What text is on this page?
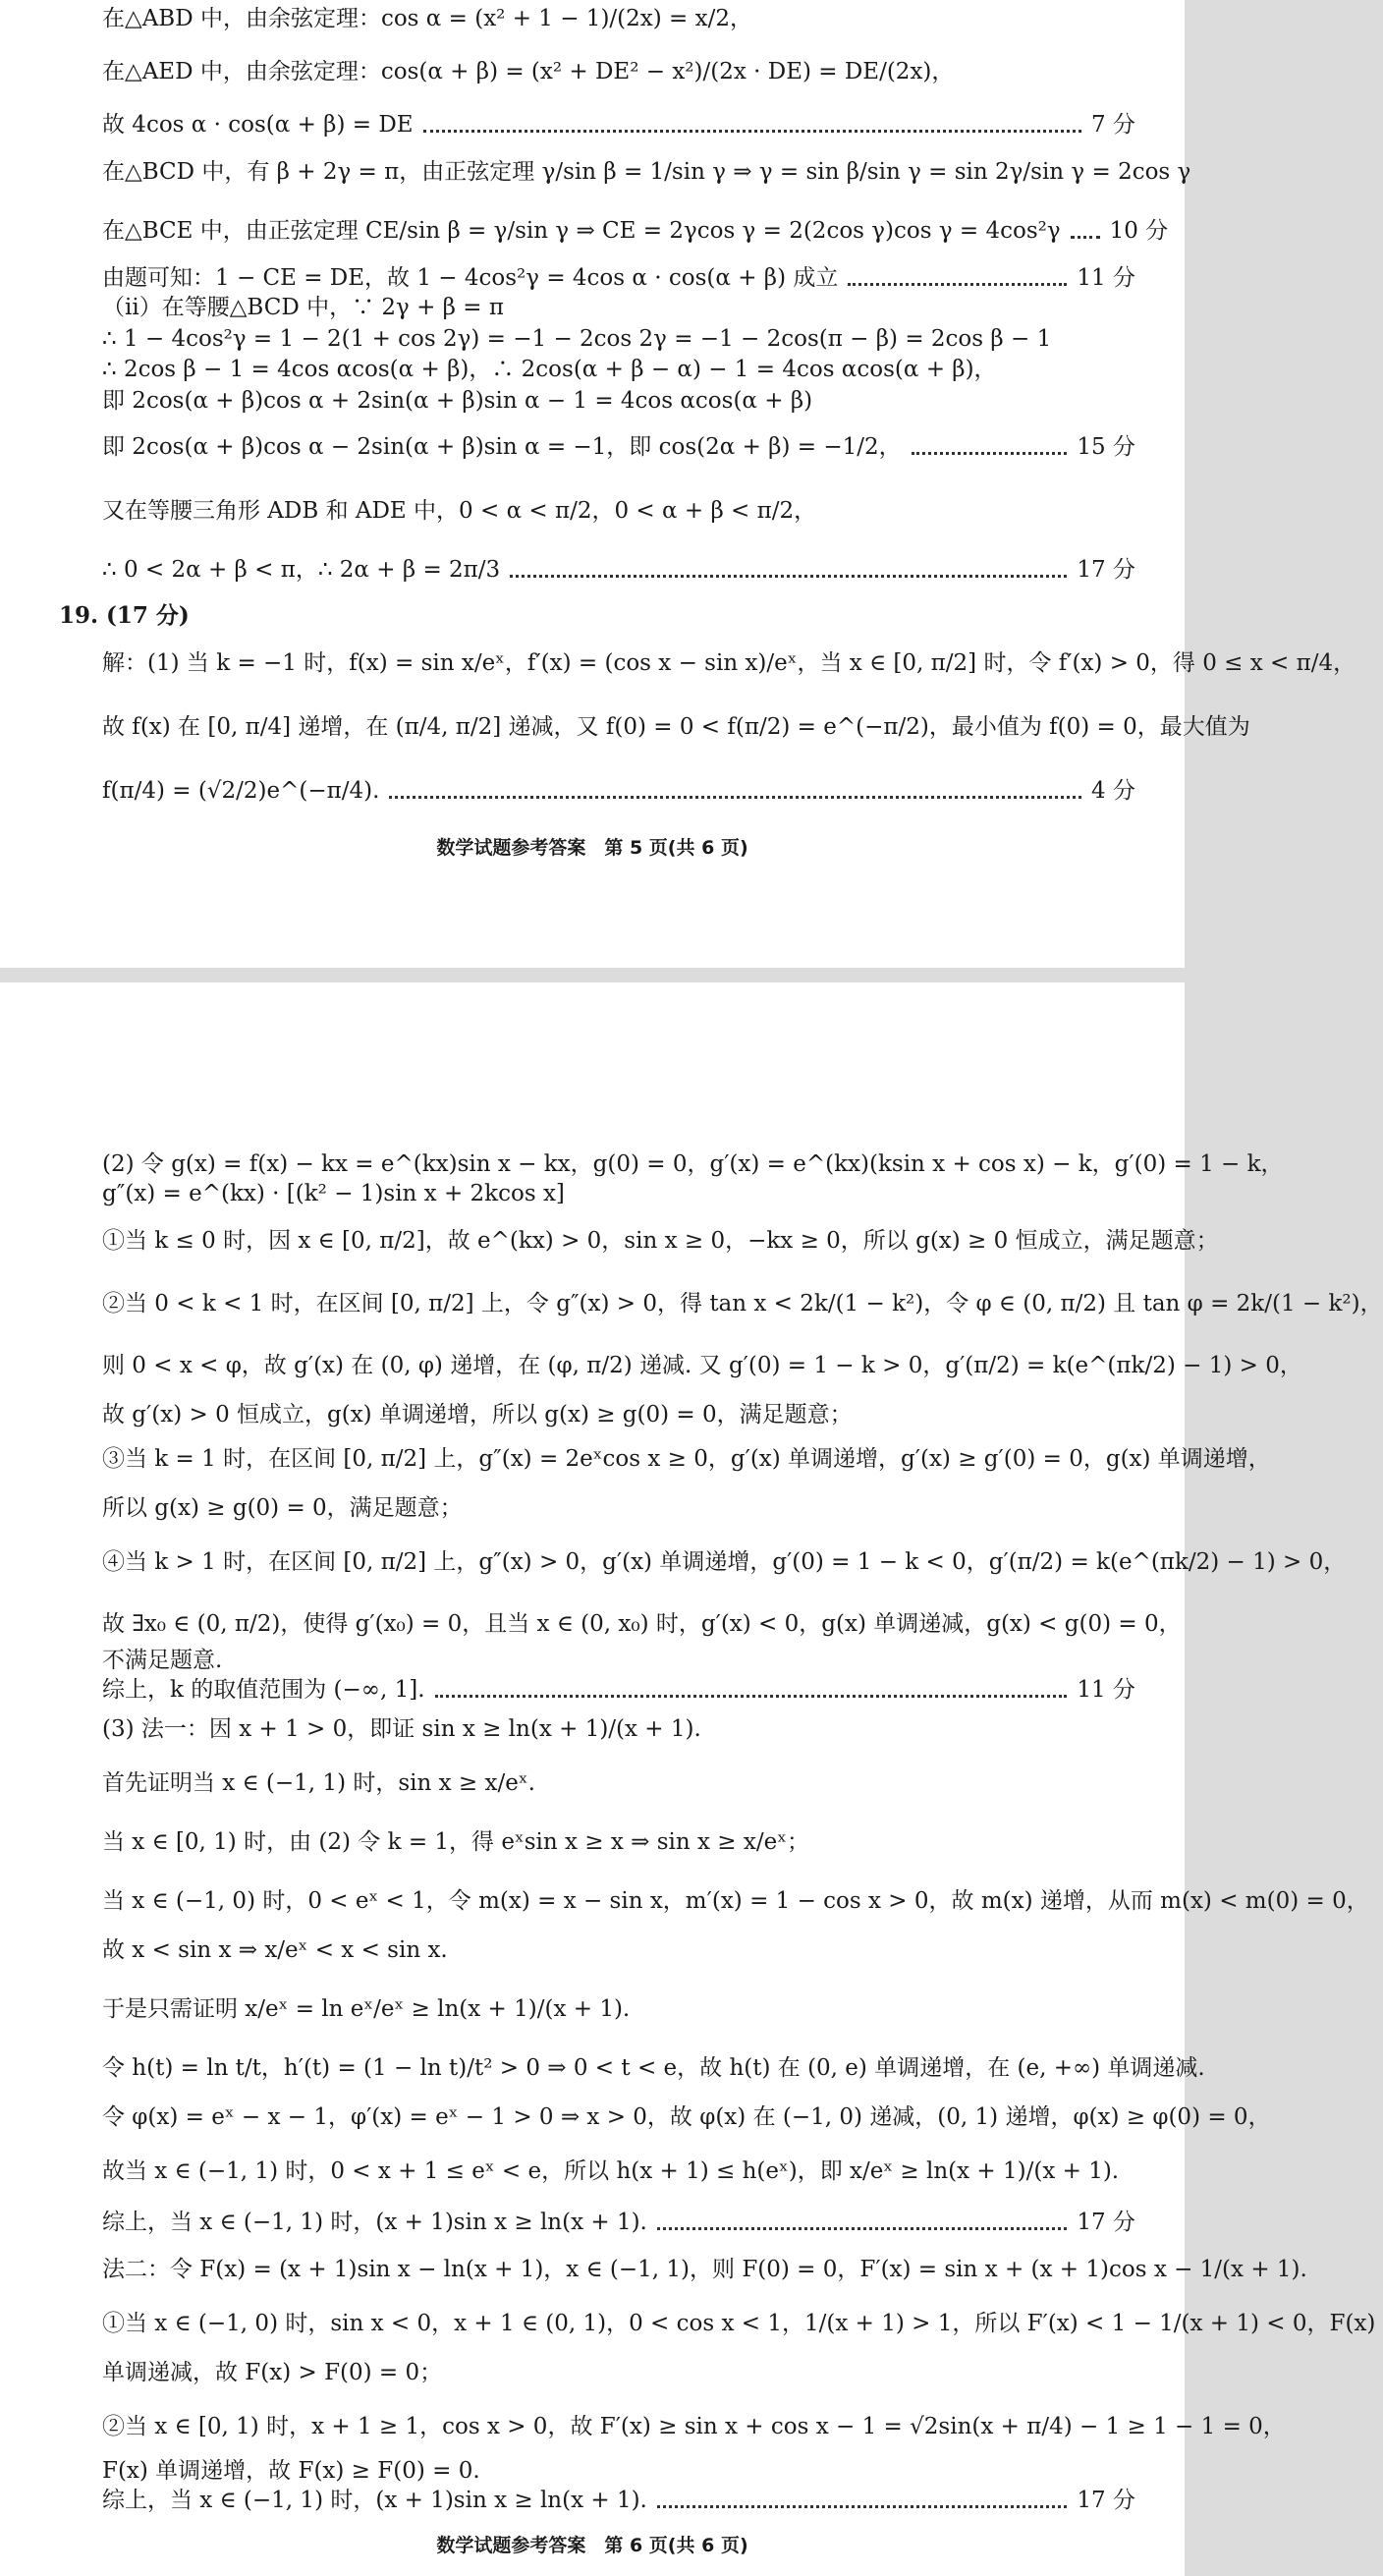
在△ABD 中，由余弦定理：cos α = (x² + 1 − 1)/(2x) = x/2，
在△AED 中，由余弦定理：cos(α + β) = (x² + DE² − x²)/(2x · DE) = DE/(2x)，
故 4cos α · cos(α + β) = DE	7 分
在△BCD 中，有 β + 2γ = π，由正弦定理 γ/sin β = 1/sin γ ⇒ γ = sin β/sin γ = sin 2γ/sin γ = 2cos γ
在△BCE 中，由正弦定理 CE/sin β = γ/sin γ ⇒ CE = 2γcos γ = 2(2cos γ)cos γ = 4cos²γ 10 分
由题可知：1 − CE = DE，故 1 − 4cos²γ = 4cos α · cos(α + β) 成立	11 分
（ⅱ）在等腰△BCD 中，∵ 2γ + β = π
∴ 1 − 4cos²γ = 1 − 2(1 + cos 2γ) = −1 − 2cos 2γ = −1 − 2cos(π − β) = 2cos β − 1
∴ 2cos β − 1 = 4cos αcos(α + β)，∴ 2cos(α + β − α) − 1 = 4cos αcos(α + β)，
即 2cos(α + β)cos α + 2sin(α + β)sin α − 1 = 4cos αcos(α + β)
即 2cos(α + β)cos α − 2sin(α + β)sin α = −1，即 cos(2α + β) = −1/2，	15 分
又在等腰三角形 ADB 和 ADE 中，0 < α < π/2，0 < α + β < π/2，
∴ 0 < 2α + β < π，∴ 2α + β = 2π/3	17 分
19. (17 分)
解：(1) 当 k = −1 时，f(x) = sin x/eˣ，f′(x) = (cos x − sin x)/eˣ，当 x ∈ [0, π/2] 时，令 f′(x) > 0，得 0 ≤ x < π/4，
故 f(x) 在 [0, π/4] 递增，在 (π/4, π/2] 递减，又 f(0) = 0 < f(π/2) = e^(−π/2)，最小值为 f(0) = 0，最大值为
f(π/4) = (√2/2)e^(−π/4).	4 分
数学试题参考答案　第 5 页(共 6 页)
(2) 令 g(x) = f(x) − kx = e^(kx)sin x − kx，g(0) = 0，g′(x) = e^(kx)(ksin x + cos x) − k，g′(0) = 1 − k，
g″(x) = e^(kx) · [(k² − 1)sin x + 2kcos x]
①当 k ≤ 0 时，因 x ∈ [0, π/2]，故 e^(kx) > 0，sin x ≥ 0，−kx ≥ 0，所以 g(x) ≥ 0 恒成立，满足题意；
②当 0 < k < 1 时，在区间 [0, π/2] 上，令 g″(x) > 0，得 tan x < 2k/(1 − k²)，令 φ ∈ (0, π/2) 且 tan φ = 2k/(1 − k²)，
则 0 < x < φ，故 g′(x) 在 (0, φ) 递增，在 (φ, π/2) 递减. 又 g′(0) = 1 − k > 0，g′(π/2) = k(e^(πk/2) − 1) > 0，
故 g′(x) > 0 恒成立，g(x) 单调递增，所以 g(x) ≥ g(0) = 0，满足题意；
③当 k = 1 时，在区间 [0, π/2] 上，g″(x) = 2eˣcos x ≥ 0，g′(x) 单调递增，g′(x) ≥ g′(0) = 0，g(x) 单调递增，
所以 g(x) ≥ g(0) = 0，满足题意；
④当 k > 1 时，在区间 [0, π/2] 上，g″(x) > 0，g′(x) 单调递增，g′(0) = 1 − k < 0，g′(π/2) = k(e^(πk/2) − 1) > 0，
故 ∃x₀ ∈ (0, π/2)，使得 g′(x₀) = 0，且当 x ∈ (0, x₀) 时，g′(x) < 0，g(x) 单调递减，g(x) < g(0) = 0，
不满足题意.
综上，k 的取值范围为 (−∞, 1].	11 分
(3) 法一：因 x + 1 > 0，即证 sin x ≥ ln(x + 1)/(x + 1).
首先证明当 x ∈ (−1, 1) 时，sin x ≥ x/eˣ.
当 x ∈ [0, 1) 时，由 (2) 令 k = 1，得 eˣsin x ≥ x ⇒ sin x ≥ x/eˣ；
当 x ∈ (−1, 0) 时，0 < eˣ < 1，令 m(x) = x − sin x，m′(x) = 1 − cos x > 0，故 m(x) 递增，从而 m(x) < m(0) = 0，
故 x < sin x ⇒ x/eˣ < x < sin x.
于是只需证明 x/eˣ = ln eˣ/eˣ ≥ ln(x + 1)/(x + 1).
令 h(t) = ln t/t，h′(t) = (1 − ln t)/t² > 0 ⇒ 0 < t < e，故 h(t) 在 (0, e) 单调递增，在 (e, +∞) 单调递减.
令 φ(x) = eˣ − x − 1，φ′(x) = eˣ − 1 > 0 ⇒ x > 0，故 φ(x) 在 (−1, 0) 递减，(0, 1) 递增，φ(x) ≥ φ(0) = 0，
故当 x ∈ (−1, 1) 时，0 < x + 1 ≤ eˣ < e，所以 h(x + 1) ≤ h(eˣ)，即 x/eˣ ≥ ln(x + 1)/(x + 1).
综上，当 x ∈ (−1, 1) 时，(x + 1)sin x ≥ ln(x + 1).	17 分
法二：令 F(x) = (x + 1)sin x − ln(x + 1)，x ∈ (−1, 1)，则 F(0) = 0，F′(x) = sin x + (x + 1)cos x − 1/(x + 1).
①当 x ∈ (−1, 0) 时，sin x < 0，x + 1 ∈ (0, 1)，0 < cos x < 1，1/(x + 1) > 1，所以 F′(x) < 1 − 1/(x + 1) < 0，F(x)
单调递减，故 F(x) > F(0) = 0；
②当 x ∈ [0, 1) 时，x + 1 ≥ 1，cos x > 0，故 F′(x) ≥ sin x + cos x − 1 = √2sin(x + π/4) − 1 ≥ 1 − 1 = 0，
F(x) 单调递增，故 F(x) ≥ F(0) = 0.
综上，当 x ∈ (−1, 1) 时，(x + 1)sin x ≥ ln(x + 1).	17 分
数学试题参考答案　第 6 页(共 6 页)
